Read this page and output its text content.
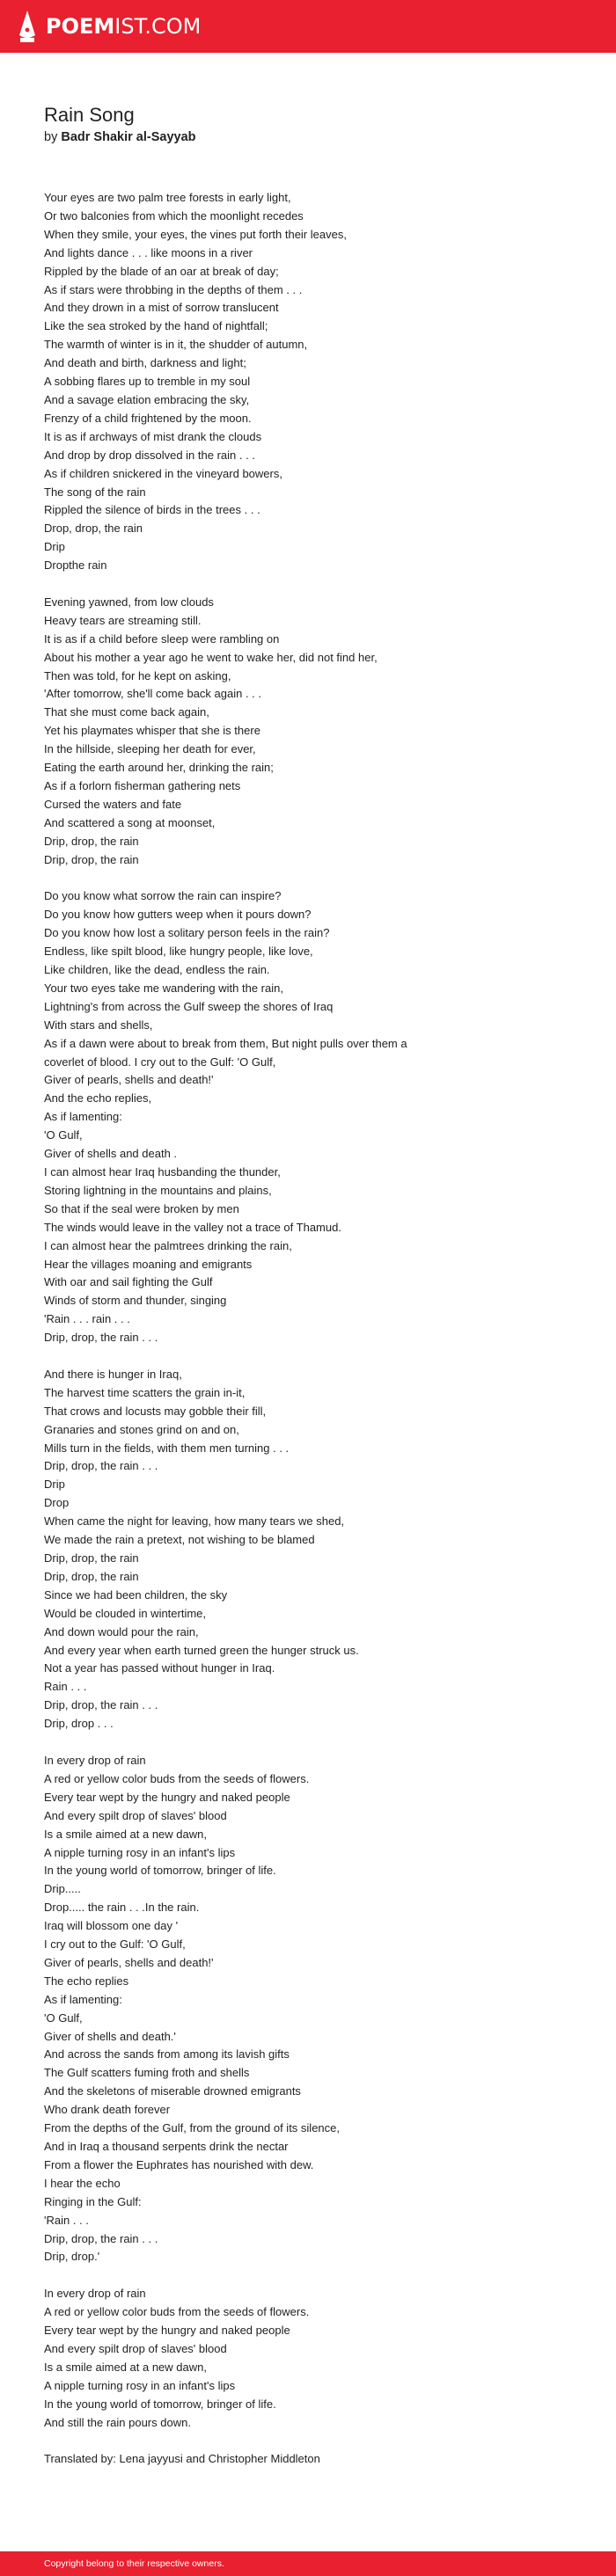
POEMIST.COM
Rain Song
by Badr Shakir al-Sayyab
Your eyes are two palm tree forests in early light,
Or two balconies from which the moonlight recedes
When they smile, your eyes, the vines put forth their leaves,
And lights dance . . . like moons in a river
Rippled by the blade of an oar at break of day;
As if stars were throbbing in the depths of them . . .
And they drown in a mist of sorrow translucent
Like the sea stroked by the hand of nightfall;
The warmth of winter is in it, the shudder of autumn,
And death and birth, darkness and light;
A sobbing flares up to tremble in my soul
And a savage elation embracing the sky,
Frenzy of a child frightened by the moon.
It is as if archways of mist drank the clouds
And drop by drop dissolved in the rain . . .
As if children snickered in the vineyard bowers,
The song of the rain
Rippled the silence of birds in the trees . . .
Drop, drop, the rain
Drip
Dropthe rain
Evening yawned, from low clouds
Heavy tears are streaming still.
It is as if a child before sleep were rambling on
About his mother a year ago he went to wake her, did not find her,
Then was told, for he kept on asking,
'After tomorrow, she'll come back again . . .
That she must come back again,
Yet his playmates whisper that she is there
In the hillside, sleeping her death for ever,
Eating the earth around her, drinking the rain;
As if a forlorn fisherman gathering nets
Cursed the waters and fate
And scattered a song at moonset,
Drip, drop, the rain
Drip, drop, the rain
Do you know what sorrow the rain can inspire?
Do you know how gutters weep when it pours down?
Do you know how lost a solitary person feels in the rain?
Endless, like spilt blood, like hungry people, like love,
Like children, like the dead, endless the rain.
Your two eyes take me wandering with the rain,
Lightning's from across the Gulf sweep the shores of Iraq
With stars and shells,
As if a dawn were about to break from them, But night pulls over them a
coverlet of blood. I cry out to the Gulf: 'O Gulf,
Giver of pearls, shells and death!'
And the echo replies,
As if lamenting:
'O Gulf,
Giver of shells and death .
I can almost hear Iraq husbanding the thunder,
Storing lightning in the mountains and plains,
So that if the seal were broken by men
The winds would leave in the valley not a trace of Thamud.
I can almost hear the palmtrees drinking the rain,
Hear the villages moaning and emigrants
With oar and sail fighting the Gulf
Winds of storm and thunder, singing
'Rain . . . rain . . .
Drip, drop, the rain . . .
And there is hunger in Iraq,
The harvest time scatters the grain in-it,
That crows and locusts may gobble their fill,
Granaries and stones grind on and on,
Mills turn in the fields, with them men turning . . .
Drip, drop, the rain . . .
Drip
Drop
When came the night for leaving, how many tears we shed,
We made the rain a pretext, not wishing to be blamed
Drip, drop, the rain
Drip, drop, the rain
Since we had been children, the sky
Would be clouded in wintertime,
And down would pour the rain,
And every year when earth turned green the hunger struck us.
Not a year has passed without hunger in Iraq.
Rain . . .
Drip, drop, the rain . . .
Drip, drop . . .
In every drop of rain
A red or yellow color buds from the seeds of flowers.
Every tear wept by the hungry and naked people
And every spilt drop of slaves' blood
Is a smile aimed at a new dawn,
A nipple turning rosy in an infant's lips
In the young world of tomorrow, bringer of life.
Drip.....
Drop..... the rain . . .In the rain.
Iraq will blossom one day '
I cry out to the Gulf: 'O Gulf,
Giver of pearls, shells and death!'
The echo replies
As if lamenting:
'O Gulf,
Giver of shells and death.'
And across the sands from among its lavish gifts
The Gulf scatters fuming froth and shells
And the skeletons of miserable drowned emigrants
Who drank death forever
From the depths of the Gulf, from the ground of its silence,
And in Iraq a thousand serpents drink the nectar
From a flower the Euphrates has nourished with dew.
I hear the echo
Ringing in the Gulf:
'Rain . . .
Drip, drop, the rain . . .
Drip, drop.'
In every drop of rain
A red or yellow color buds from the seeds of flowers.
Every tear wept by the hungry and naked people
And every spilt drop of slaves' blood
Is a smile aimed at a new dawn,
A nipple turning rosy in an infant's lips
In the young world of tomorrow, bringer of life.
And still the rain pours down.
Translated by: Lena jayyusi and Christopher Middleton
Copyright belong to their respective owners.
